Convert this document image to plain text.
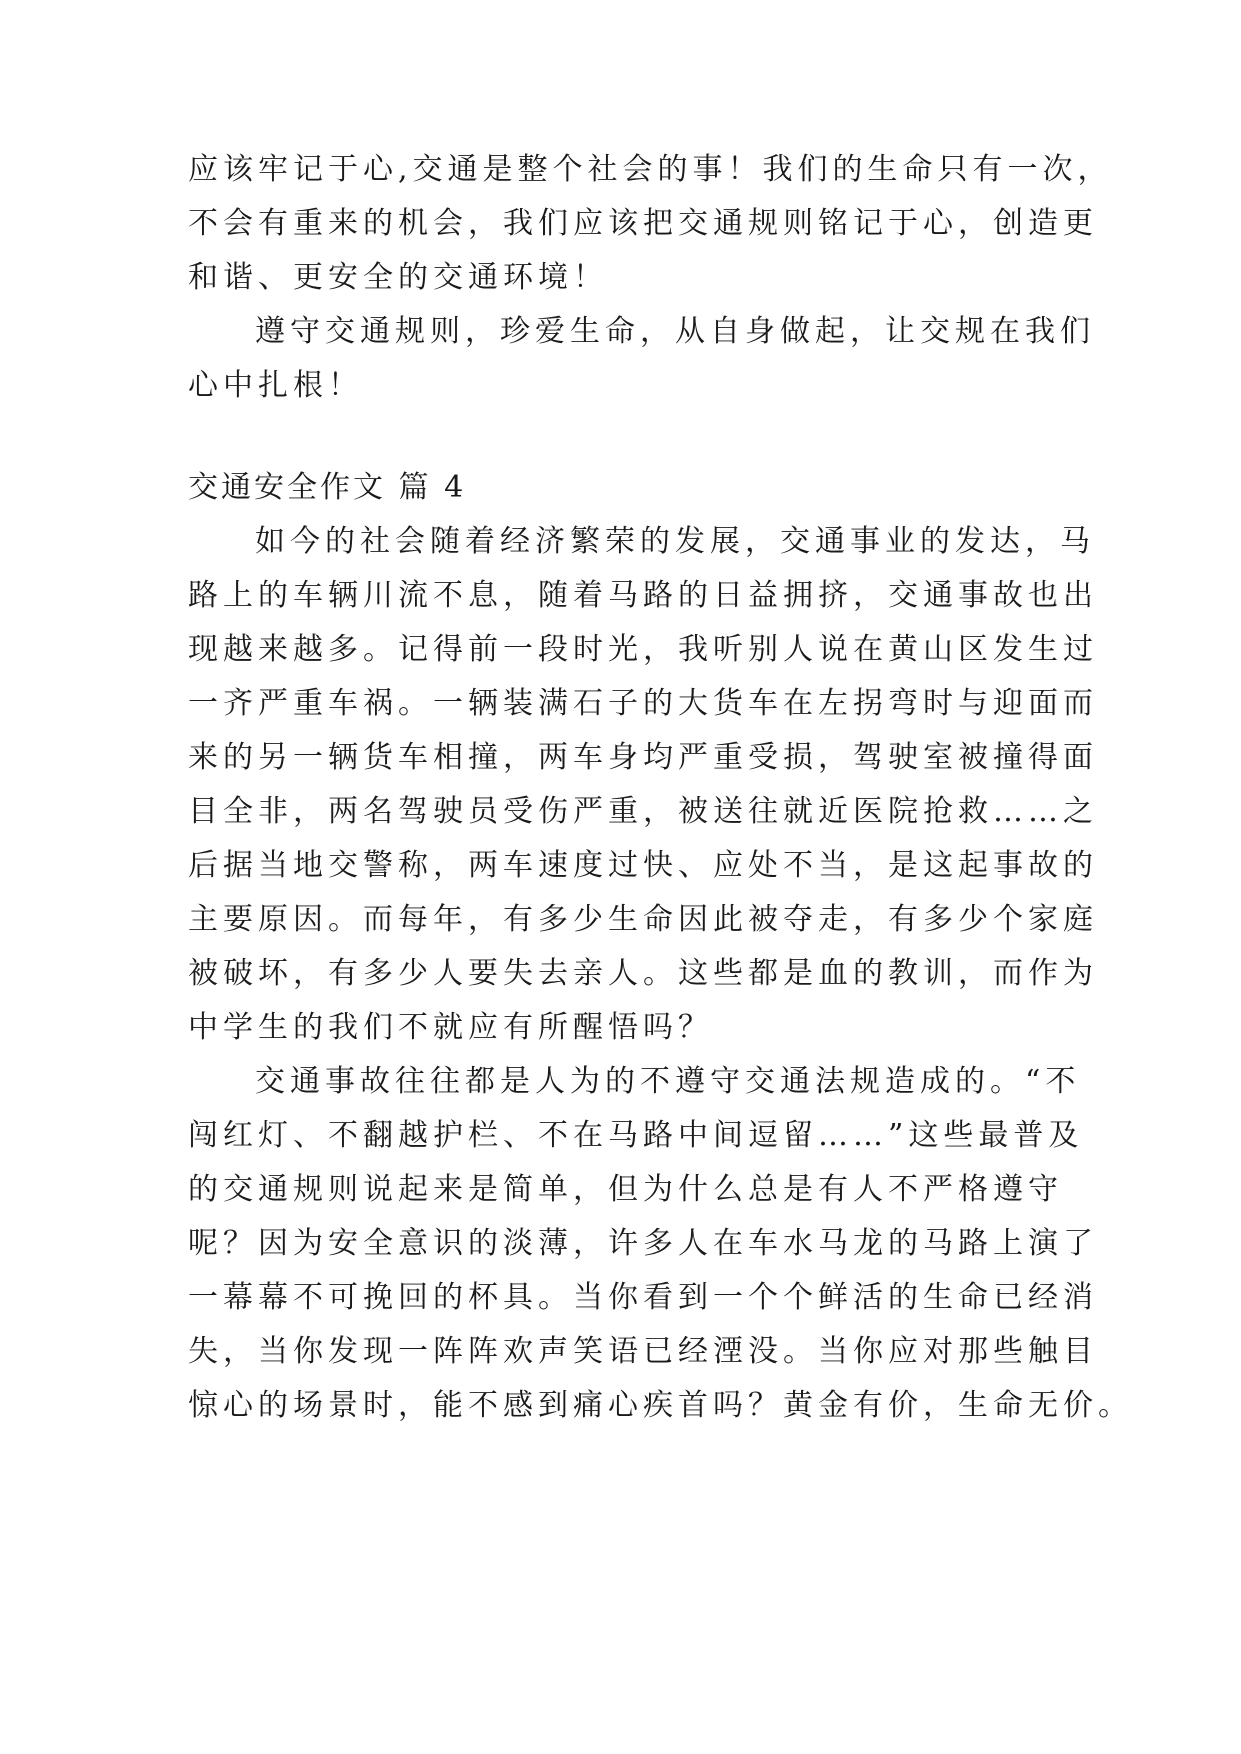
应该牢记于心,交通是整个社会的事！我们的生命只有一次，
不会有重来的机会，我们应该把交通规则铭记于心，创造更
和谐、更安全的交通环境！
遵守交通规则，珍爱生命，从自身做起，让交规在我们
心中扎根！
交通安全作文 篇 4
如今的社会随着经济繁荣的发展，交通事业的发达，马
路上的车辆川流不息，随着马路的日益拥挤，交通事故也出
现越来越多。记得前一段时光，我听别人说在黄山区发生过
一齐严重车祸。一辆装满石子的大货车在左拐弯时与迎面而
来的另一辆货车相撞，两车身均严重受损，驾驶室被撞得面
目全非，两名驾驶员受伤严重，被送往就近医院抢救……之
后据当地交警称，两车速度过快、应处不当，是这起事故的
主要原因。而每年，有多少生命因此被夺走，有多少个家庭
被破坏，有多少人要失去亲人。这些都是血的教训，而作为
中学生的我们不就应有所醒悟吗？
交通事故往往都是人为的不遵守交通法规造成的。“不
闯红灯、不翻越护栏、不在马路中间逗留……”这些最普及
的交通规则说起来是简单，但为什么总是有人不严格遵守
呢？因为安全意识的淡薄，许多人在车水马龙的马路上演了
一幕幕不可挽回的杯具。当你看到一个个鲜活的生命已经消
失，当你发现一阵阵欢声笑语已经湮没。当你应对那些触目
惊心的场景时，能不感到痛心疾首吗？黄金有价，生命无价。
